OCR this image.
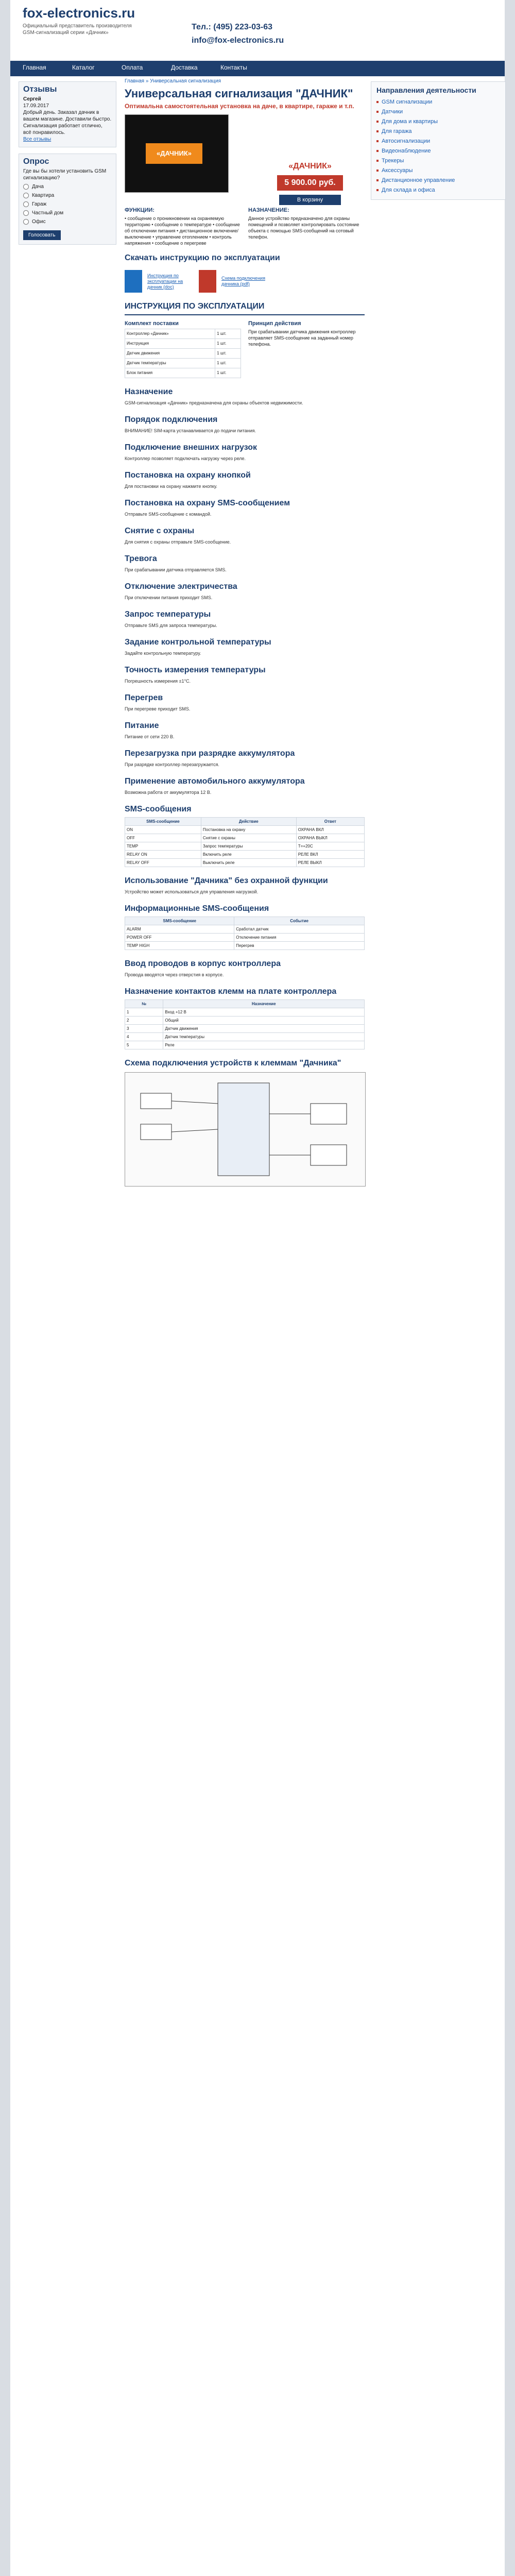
fox-electronics.ru
Официальный представитель производителя GSM-сигнализаций серии «Дачник»
Тел.: (495) 223-03-63
info@fox-electronics.ru
Главная	Каталог	Оплата	Доставка	Контакты
Отзывы
Сергей
17.09.2017
Добрый день. Заказал дачник в вашем магазине. Доставили быстро. Сигнализация работает отлично, всё понравилось.
Все отзывы
Опрос
Где вы бы хотели установить GSM сигнализацию?
Дача
Квартира
Гараж
Частный дом
Офис
Голосовать
Направления деятельности
GSM сигнализации
Датчики
Для дома и квартиры
Для гаража
Автосигнализации
Видеонаблюдение
Трекеры
Аксессуары
Дистанционное управление
Для склада и офиса
Главная » Универсальная сигнализация
Универсальная сигнализация "ДАЧНИК"
Оптимальна самостоятельная установка на даче, в квартире, гараже и т.п.
«ДАЧНИК»
«ДАЧНИК»
5 900.00 руб.
В корзину
ФУНКЦИИ:
• сообщение о проникновении на охраняемую территорию • сообщение о температуре • сообщение об отключении питания • дистанционное включение/выключение • управление отоплением • контроль напряжения • сообщение о перегреве
НАЗНАЧЕНИЕ:
Данное устройство предназначено для охраны помещений и позволяет контролировать состояние объекта с помощью SMS-сообщений на сотовый телефон.
Скачать инструкцию по эксплуатации
Инструкция по эксплуатации на дачник (doc)
Схема подключения дачника (pdf)
ИНСТРУКЦИЯ ПО ЭКСПЛУАТАЦИИ
Комплект поставки
Контроллер «Дачник»	1 шт.
Инструкция	1 шт.
Датчик движения	1 шт.
Датчик температуры	1 шт.
Блок питания	1 шт.
Принцип действия
При срабатывании датчика движения контроллер отправляет SMS-сообщение на заданный номер телефона.
Назначение
GSM-сигнализация «Дачник» предназначена для охраны объектов недвижимости.
Порядок подключения
ВНИМАНИЕ! SIM-карта устанавливается до подачи питания.
Подключение внешних нагрузок
Контроллер позволяет подключать нагрузку через реле.
Постановка на охрану кнопкой
Для постановки на охрану нажмите кнопку.
Постановка на охрану SMS-сообщением
Отправьте SMS-сообщение с командой.
Снятие с охраны
Для снятия с охраны отправьте SMS-сообщение.
Тревога
При срабатывании датчика отправляется SMS.
Отключение электричества
При отключении питания приходит SMS.
Запрос температуры
Отправьте SMS для запроса температуры.
Задание контрольной температуры
Задайте контрольную температуру.
Точность измерения температуры
Погрешность измерения ±1°C.
Перегрев
При перегреве приходит SMS.
Питание
Питание от сети 220 В.
Перезагрузка при разрядке аккумулятора
При разрядке контроллер перезагружается.
Применение автомобильного аккумулятора
Возможна работа от аккумулятора 12 В.
SMS-сообщения
SMS-сообщение	Действие	Ответ
ON	Постановка на охрану	ОХРАНА ВКЛ
OFF	Снятие с охраны	ОХРАНА ВЫКЛ
TEMP	Запрос температуры	T=+20C
RELAY ON	Включить реле	РЕЛЕ ВКЛ
RELAY OFF	Выключить реле	РЕЛЕ ВЫКЛ
Использование "Дачника" без охранной функции
Устройство может использоваться для управления нагрузкой.
Информационные SMS-сообщения
SMS-сообщение	Событие
ALARM	Сработал датчик
POWER OFF	Отключение питания
TEMP HIGH	Перегрев
Ввод проводов в корпус контроллера
Провода вводятся через отверстия в корпусе.
Назначение контактов клемм на плате контроллера
№	Назначение
1	Вход +12 В
2	Общий
3	Датчик движения
4	Датчик температуры
5	Реле
Схема подключения устройств к клеммам "Дачника"
